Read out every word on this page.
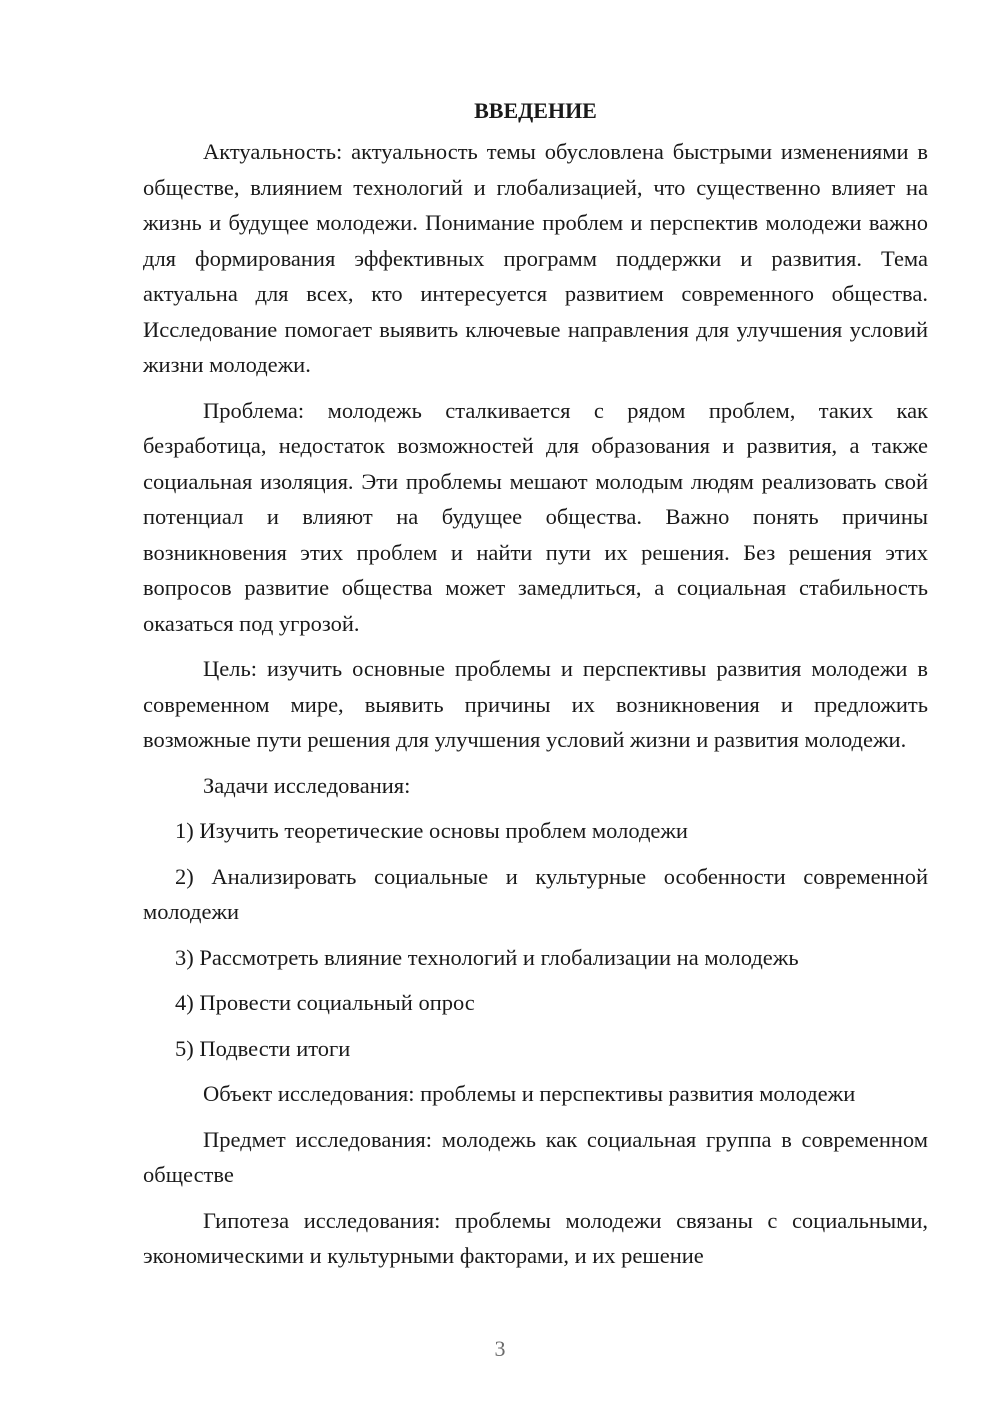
ВВЕДЕНИЕ

Актуальность: актуальность темы обусловлена быстрыми изменениями в обществе, влиянием технологий и глобализацией, что существенно влияет на жизнь и будущее молодежи. Понимание проблем и перспектив молодежи важно для формирования эффективных программ поддержки и развития. Тема актуальна для всех, кто интересуется развитием современного общества. Исследование помогает выявить ключевые направления для улучшения условий жизни молодежи.

Проблема: молодежь сталкивается с рядом проблем, таких как безработица, недостаток возможностей для образования и развития, а также социальная изоляция. Эти проблемы мешают молодым людям реализовать свой потенциал и влияют на будущее общества. Важно понять причины возникновения этих проблем и найти пути их решения. Без решения этих вопросов развитие общества может замедлиться, а социальная стабильность оказаться под угрозой.

Цель: изучить основные проблемы и перспективы развития молодежи в современном мире, выявить причины их возникновения и предложить возможные пути решения для улучшения условий жизни и развития молодежи.

Задачи исследования:

1) Изучить теоретические основы проблем молодежи

2) Анализировать социальные и культурные особенности современной молодежи

3) Рассмотреть влияние технологий и глобализации на молодежь

4) Провести социальный опрос

5) Подвести итоги

Объект исследования: проблемы и перспективы развития молодежи

Предмет исследования: молодежь как социальная группа в современном обществе

Гипотеза исследования: проблемы молодежи связаны с социальными, экономическими и культурными факторами, и их решение

3
